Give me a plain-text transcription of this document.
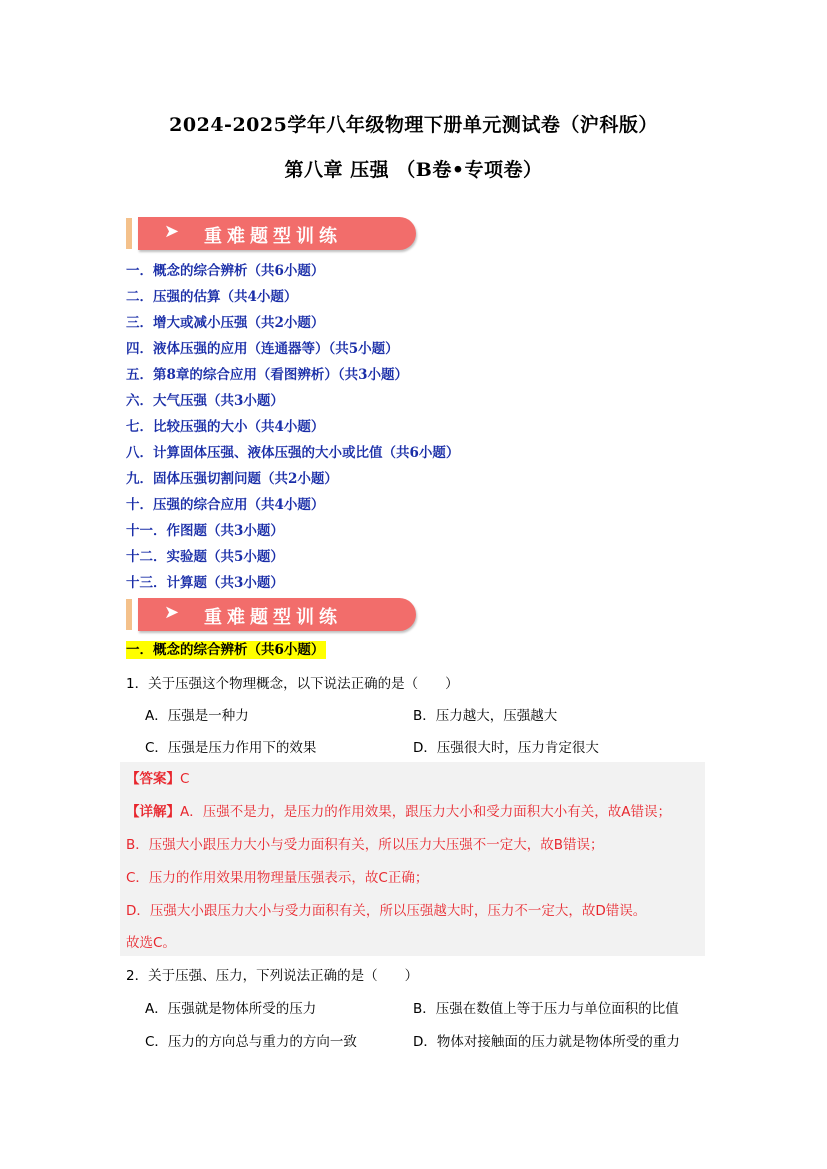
2024-2025学年八年级物理下册单元测试卷（沪科版）
第八章 压强 （B卷•专项卷）
➤ 重难题型训练
一．概念的综合辨析（共6小题）
二．压强的估算（共4小题）
三．增大或减小压强（共2小题）
四．液体压强的应用（连通器等）（共5小题）
五．第8章的综合应用（看图辨析）（共3小题）
六．大气压强（共3小题）
七．比较压强的大小（共4小题）
八．计算固体压强、液体压强的大小或比值（共6小题）
九．固体压强切割问题（共2小题）
十．压强的综合应用（共4小题）
十一．作图题（共3小题）
十二．实验题（共5小题）
十三．计算题（共3小题）
➤ 重难题型训练
一．概念的综合辨析（共6小题）
1．关于压强这个物理概念，以下说法正确的是（　　）
A．压强是一种力	B．压力越大，压强越大
C．压强是压力作用下的效果	D．压强很大时，压力肯定很大
【答案】C
【详解】A．压强不是力，是压力的作用效果，跟压力大小和受力面积大小有关，故A错误；
B．压强大小跟压力大小与受力面积有关，所以压力大压强不一定大，故B错误；
C．压力的作用效果用物理量压强表示，故C正确；
D．压强大小跟压力大小与受力面积有关，所以压强越大时，压力不一定大，故D错误。
故选C。
2．关于压强、压力，下列说法正确的是（　　）
A．压强就是物体所受的压力	B．压强在数值上等于压力与单位面积的比值
C．压力的方向总与重力的方向一致	D．物体对接触面的压力就是物体所受的重力
